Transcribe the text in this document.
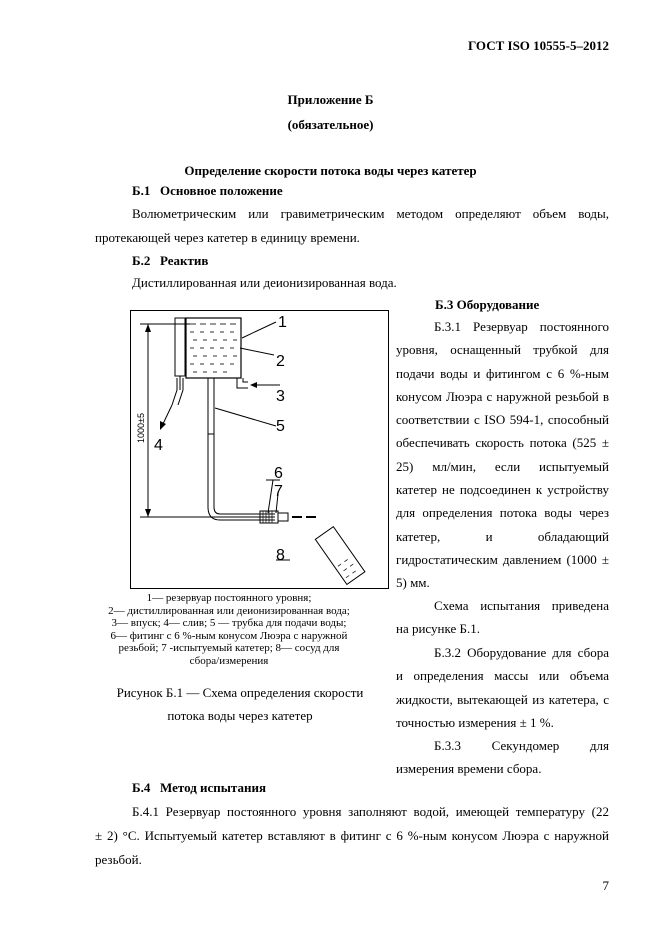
ГОСТ ISO 10555-5–2012
Приложение Б
(обязательное)
Определение скорости потока воды через катетер
Б.1 Основное положение
Волюметрическим или гравиметрическим методом определяют объем воды,
протекающей через катетер в единицу времени.
Б.2 Реактив
Дистиллированная или деионизированная вода.
1000±5
1
2
3
4
5
6
7
8
1— резервуар постоянного уровня;
2— дистиллированная или деионизированная вода;
3— впуск; 4— слив; 5 — трубка для подачи воды;
6— фитинг с 6 %-ным конусом Люэра с наружной
резьбой; 7 -испытуемый катетер; 8— сосуд для
сбора/измерения
Рисунок Б.1 — Схема определения скорости
потока воды через катетер
Б.3 Оборудование
Б.3.1 Резервуар постоянного
уровня, оснащенный трубкой для
подачи воды и фитингом с 6 %-ным
конусом Люэра с наружной резьбой в
соответствии с ISO 594-1, способный
обеспечивать скорость потока (525 ±
25) мл/мин, если испытуемый
катетер не подсоединен к устройству
для определения потока воды через
катетер, и обладающий
гидростатическим давлением (1000 ±
5) мм.
Схема испытания приведена
на рисунке Б.1.
Б.3.2 Оборудование для сбора
и определения массы или объема
жидкости, вытекающей из катетера, с
точностью измерения ± 1 %.
Б.3.3 Секундомер для
измерения времени сбора.
Б.4 Метод испытания
Б.4.1 Резервуар постоянного уровня заполняют водой, имеющей температуру (22
± 2) °С. Испытуемый катетер вставляют в фитинг с 6 %-ным конусом Люэра с наружной
резьбой.
7
